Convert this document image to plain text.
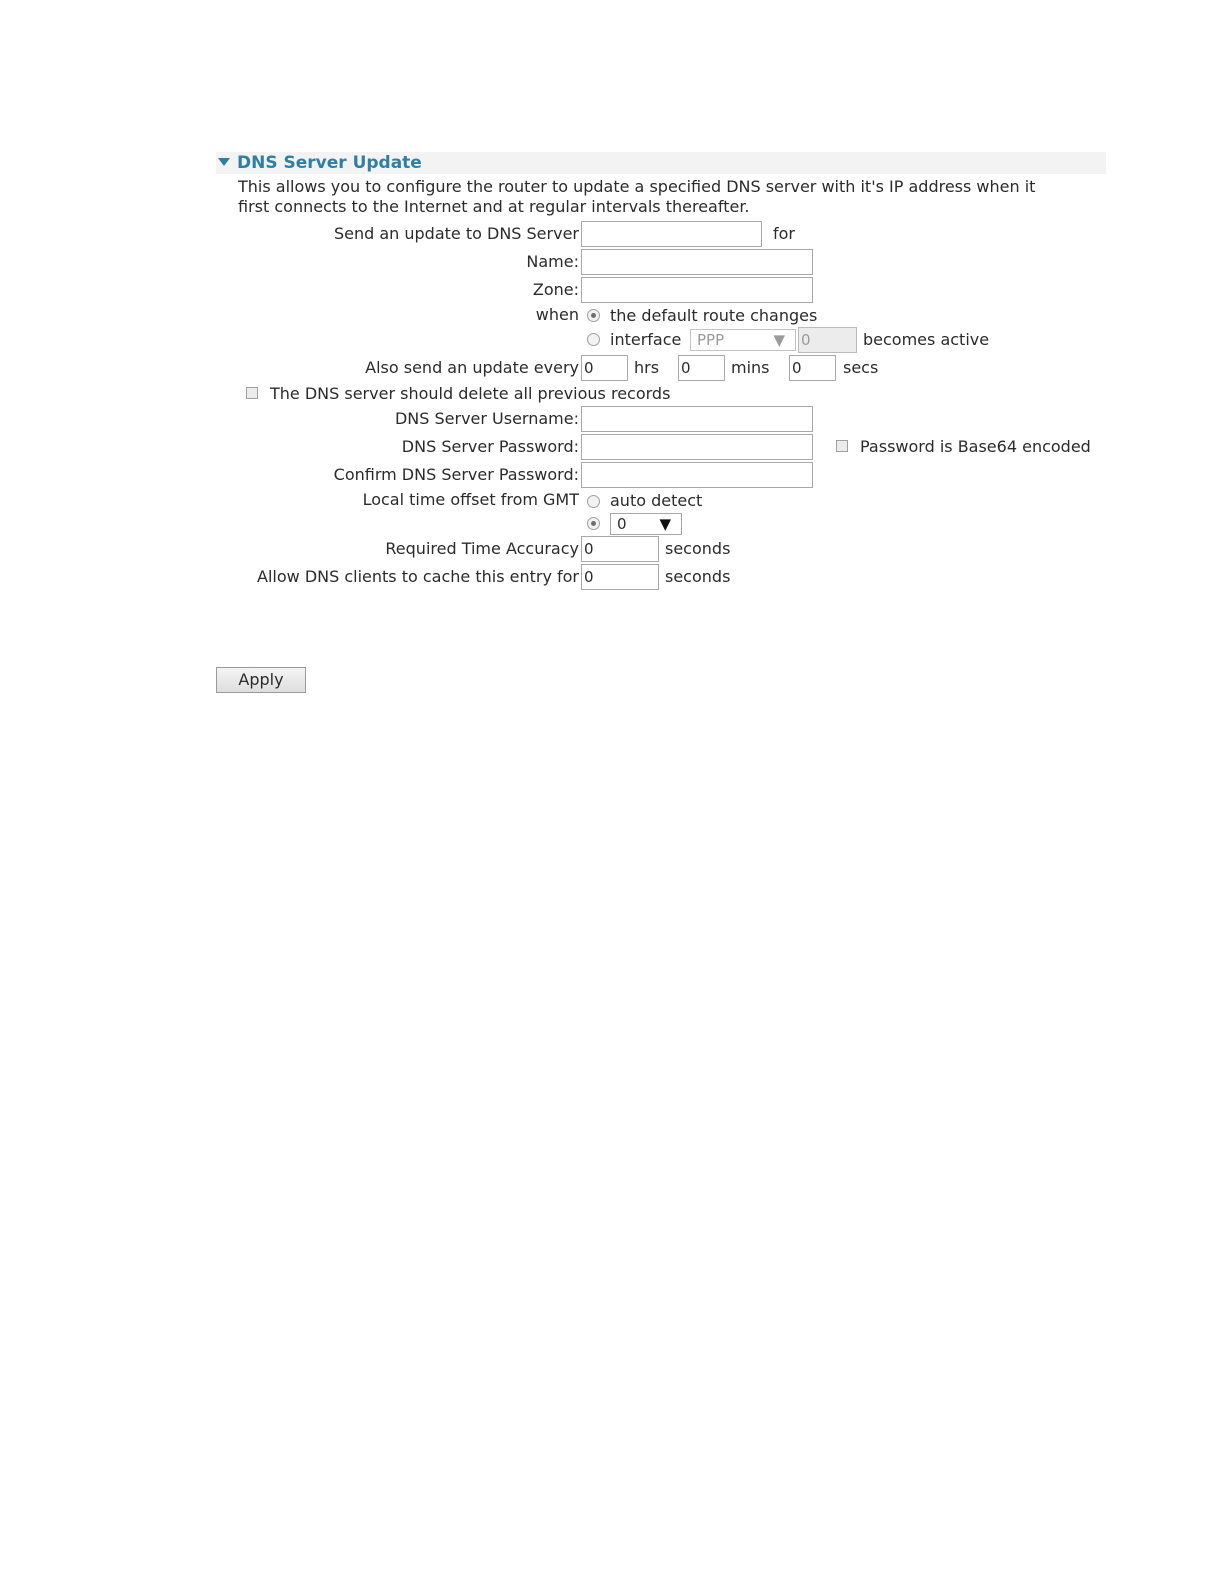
DNS Server Update
This allows you to configure the router to update a specified DNS server with it's IP address when it
first connects to the Internet and at regular intervals thereafter.
Send an update to DNS Server	for
Name:
Zone:
when the default route changes
interface	PPP	▼ 0	becomes active
Also send an update every 0	hrs 0	mins 0	secs
The DNS server should delete all previous records
DNS Server Username:
DNS Server Password:	Password is Base64 encoded
Confirm DNS Server Password:
Local time offset from GMT auto detect
0 ▼
Required Time Accuracy 0	seconds
Allow DNS clients to cache this entry for 0	seconds
Apply
